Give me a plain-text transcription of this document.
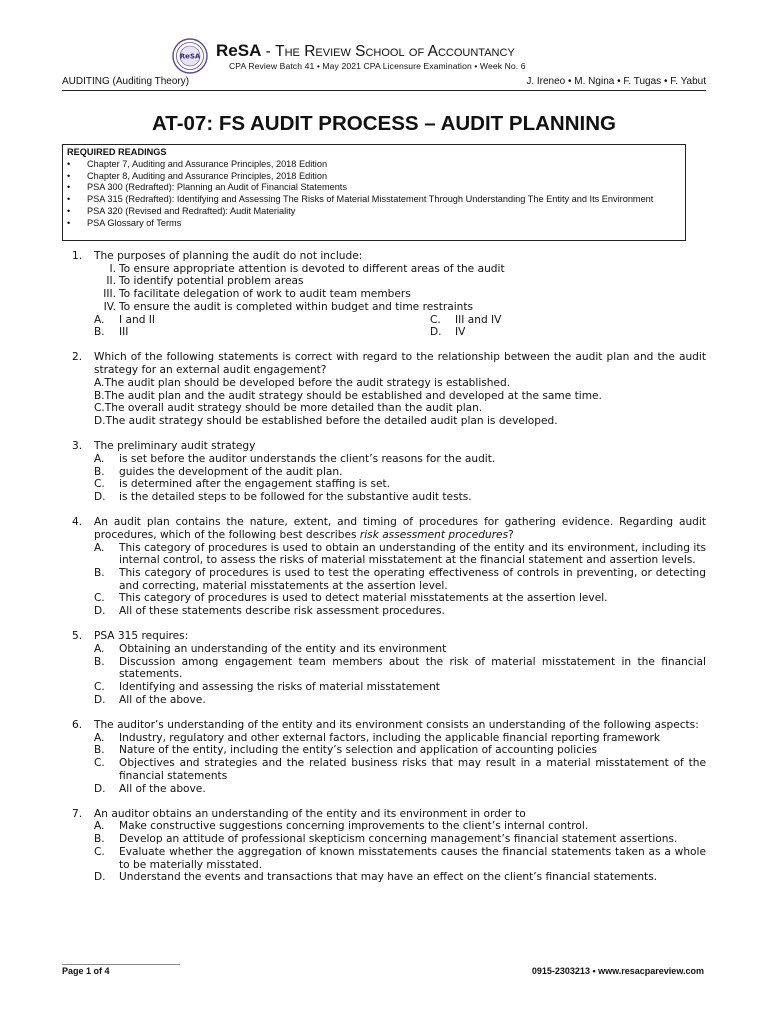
ReSA ReSA - The Review School of Accountancy
CPA Review Batch 41 • May 2021 CPA Licensure Examination • Week No. 6
AUDITING (Auditing Theory)	J. Ireneo • M. Ngina • F. Tugas • F. Yabut
AT-07: FS AUDIT PROCESS – AUDIT PLANNING
REQUIRED READINGS
• Chapter 7, Auditing and Assurance Principles, 2018 Edition
• Chapter 8, Auditing and Assurance Principles, 2018 Edition
• PSA 300 (Redrafted): Planning an Audit of Financial Statements
• PSA 315 (Redrafted): Identifying and Assessing The Risks of Material Misstatement Through Understanding The Entity and Its Environment
• PSA 320 (Revised and Redrafted): Audit Materiality
• PSA Glossary of Terms
1. The purposes of planning the audit do not include:
I. To ensure appropriate attention is devoted to different areas of the audit
II. To identify potential problem areas
III. To facilitate delegation of work to audit team members
IV. To ensure the audit is completed within budget and time restraints
A. I and II	C. III and IV
B. III	D. IV
2. Which of the following statements is correct with regard to the relationship between the audit plan and the audit strategy for an external audit engagement?
A.The audit plan should be developed before the audit strategy is established.
B.The audit plan and the audit strategy should be established and developed at the same time.
C.The overall audit strategy should be more detailed than the audit plan.
D.The audit strategy should be established before the detailed audit plan is developed.
3. The preliminary audit strategy
A. is set before the auditor understands the client’s reasons for the audit.
B. guides the development of the audit plan.
C. is determined after the engagement staffing is set.
D. is the detailed steps to be followed for the substantive audit tests.
4. An audit plan contains the nature, extent, and timing of procedures for gathering evidence. Regarding audit procedures, which of the following best describes risk assessment procedures?
A. This category of procedures is used to obtain an understanding of the entity and its environment, including its internal control, to assess the risks of material misstatement at the financial statement and assertion levels.
B. This category of procedures is used to test the operating effectiveness of controls in preventing, or detecting and correcting, material misstatements at the assertion level.
C. This category of procedures is used to detect material misstatements at the assertion level.
D. All of these statements describe risk assessment procedures.
5. PSA 315 requires:
A. Obtaining an understanding of the entity and its environment
B. Discussion among engagement team members about the risk of material misstatement in the financial statements.
C. Identifying and assessing the risks of material misstatement
D. All of the above.
6. The auditor’s understanding of the entity and its environment consists an understanding of the following aspects:
A. Industry, regulatory and other external factors, including the applicable financial reporting framework
B. Nature of the entity, including the entity’s selection and application of accounting policies
C. Objectives and strategies and the related business risks that may result in a material misstatement of the financial statements
D. All of the above.
7. An auditor obtains an understanding of the entity and its environment in order to
A. Make constructive suggestions concerning improvements to the client’s internal control.
B. Develop an attitude of professional skepticism concerning management’s financial statement assertions.
C. Evaluate whether the aggregation of known misstatements causes the financial statements taken as a whole to be materially misstated.
D. Understand the events and transactions that may have an effect on the client’s financial statements.
Page 1 of 4	0915-2303213 • www.resacpareview.com
